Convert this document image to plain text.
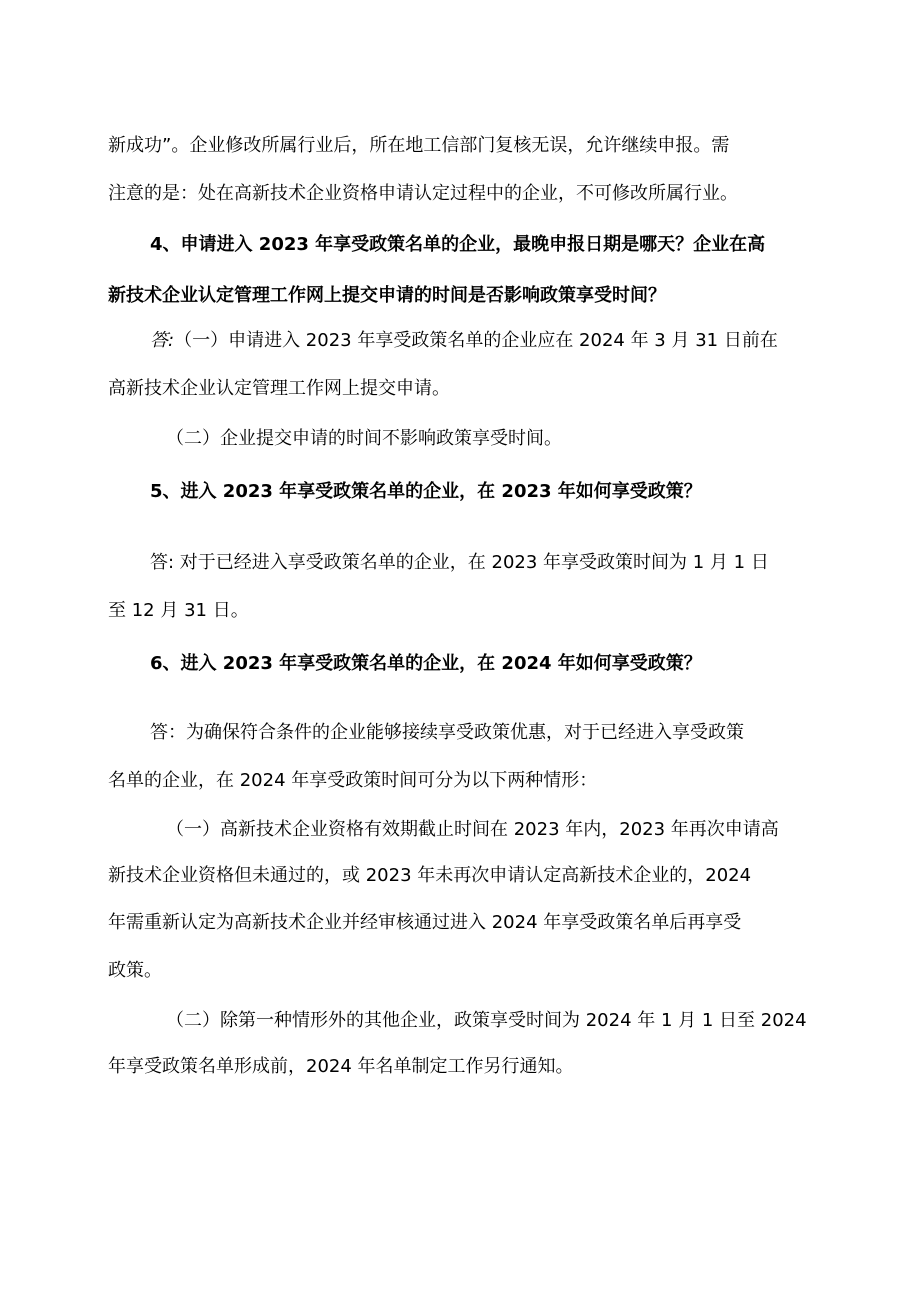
新成功”。企业修改所属行业后，所在地工信部门复核无误，允许继续申报。需
注意的是：处在高新技术企业资格申请认定过程中的企业，不可修改所属行业。
4、申请进入 2023 年享受政策名单的企业，最晚申报日期是哪天？企业在高
新技术企业认定管理工作网上提交申请的时间是否影响政策享受时间？
答:（一）申请进入 2023 年享受政策名单的企业应在 2024 年 3 月 31 日前在
高新技术企业认定管理工作网上提交申请。
（二）企业提交申请的时间不影响政策享受时间。
5、进入 2023 年享受政策名单的企业，在 2023 年如何享受政策？
答: 对于已经进入享受政策名单的企业，在 2023 年享受政策时间为 1 月 1 日
至 12 月 31 日。
6、进入 2023 年享受政策名单的企业，在 2024 年如何享受政策？
答：为确保符合条件的企业能够接续享受政策优惠，对于已经进入享受政策
名单的企业，在 2024 年享受政策时间可分为以下两种情形：
（一）高新技术企业资格有效期截止时间在 2023 年内，2023 年再次申请高
新技术企业资格但未通过的，或 2023 年未再次申请认定高新技术企业的，2024
年需重新认定为高新技术企业并经审核通过进入 2024 年享受政策名单后再享受
政策。
（二）除第一种情形外的其他企业，政策享受时间为 2024 年 1 月 1 日至 2024
年享受政策名单形成前，2024 年名单制定工作另行通知。
